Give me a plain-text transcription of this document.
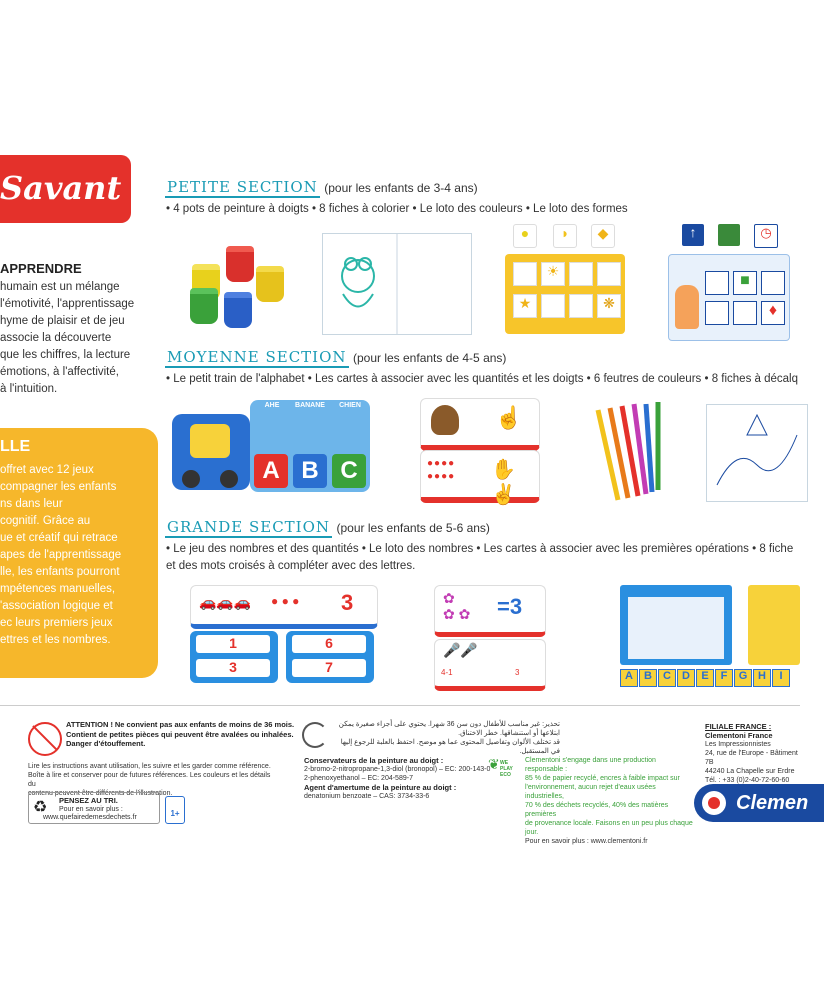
Savant
APPRENDRE
humain est un mélange
l'émotivité, l'apprentissage
hyme de plaisir et de jeu
associe la découverte
que les chiffres, la lecture
émotions, à l'affectivité,
à l'intuition.
LLE
offret avec 12 jeux
compagner les enfants
ns dans leur
cognitif. Grâce au
ue et créatif qui retrace
apes de l'apprentissage
lle, les enfants pourront
mpétences manuelles,
'association logique et
ec leurs premiers jeux
ettres et les nombres.
PETITE SECTION (pour les enfants de 3-4 ans)
• 4 pots de peinture à doigts • 8 fiches à colorier • Le loto des couleurs • Le loto des formes
●	◗	◆
☀
★	❋
↑	◷
■
♦
MOYENNE SECTION (pour les enfants de 4-5 ans)
• Le petit train de l'alphabet • Les cartes à associer avec les quantités et les doigts • 6 feutres de couleurs • 8 fiches à décalq
AHE	BANANE	CHIEN
A B C
☝
●●●●
●●●● ✋✌
GRANDE SECTION (pour les enfants de 5-6 ans)
• Le jeu des nombres et des quantités • Le loto des nombres • Les cartes à associer avec les premières opérations • 8 fiche
et des mots croisés à compléter avec des lettres.
🚗🚗🚗 ● ● ● 3
1
3
6
7
✿
✿ ✿ =3
🎤🎤
4-1	3	A	B	C	D	E	F	G H	I
ATTENTION ! Ne convient pas aux enfants de moins de 36 mois.
Contient de petites pièces qui peuvent être avalées ou inhalées.
Danger d'étouffement.
Lire les instructions avant utilisation, les suivre et les garder comme référence.
Boîte à lire et conserver pour de futures références. Les couleurs et les détails du
contenu peuvent être différents de l'illustration.
♻ PENSEZ AU TRI.
Pour en savoir plus :
www.quefairedemesdechets.fr	1+
تحذير: غير مناسب للأطفال دون سن 36 شهرا. يحتوي على أجزاء صغيرة يمكن ابتلاعها أو استنشاقها. خطر الاختناق.
قد تختلف الألوان وتفاصيل المحتوى عما هو موضح. احتفظ بالعلبة للرجوع إليها في المستقبل.
Conservateurs de la peinture au doigt :
2-bromo-2-nitropropane-1,3-diol (bronopol) – EC: 200-143-0
2-phenoxyethanol – EC: 204-589-7
Agent d'amertume de la peinture au doigt :
denatonium benzoate – CAS: 3734-33-6
❦ WE PLAY ECO
Clementoni s'engage dans une production responsable :
85 % de papier recyclé, encres à faible impact sur
l'environnement, aucun rejet d'eaux usées industrielles,
70 % des déchets recyclés, 40% des matières premières
de provenance locale. Faisons en un peu plus chaque jour.
Pour en savoir plus : www.clementoni.fr
FILIALE FRANCE :
Clementoni France
Les Impressionnistes
24, rue de l'Europe - Bâtiment 7B
44240 La Chapelle sur Erdre
Tél. : +33 (0)2-40-72-60-60
Clemen
